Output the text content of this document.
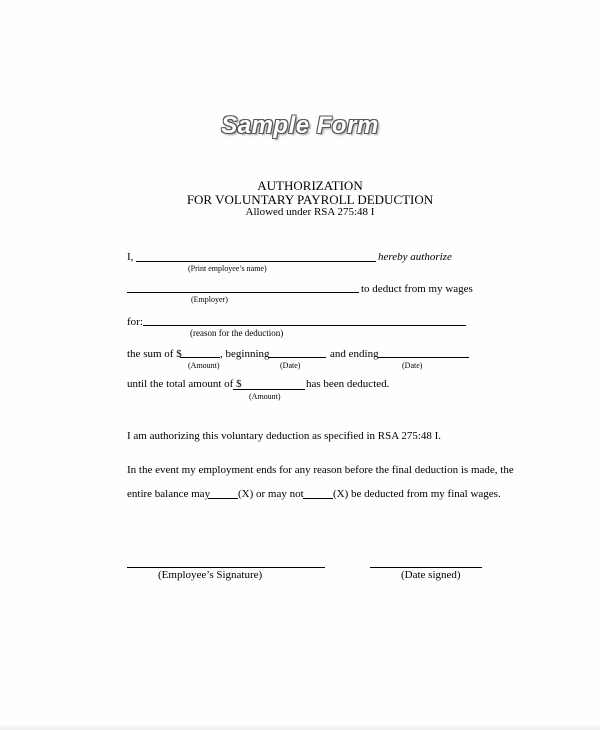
Sample Form
AUTHORIZATION
FOR VOLUNTARY PAYROLL DEDUCTION
Allowed under RSA 275:48 I
I,	hereby authorize
(Print employee’s name)
to deduct from my wages
(Employer)
for:
(reason for the deduction)
the sum of $	, beginning	and ending
(Amount)	(Date)	(Date)
until the total amount of $	has been deducted.
(Amount)
I am authorizing this voluntary deduction as specified in RSA 275:48 I.
In the event my employment ends for any reason before the final deduction is made, the
entire balance may	(X) or may not	(X) be deducted from my final wages.
(Employee’s Signature)	(Date signed)
